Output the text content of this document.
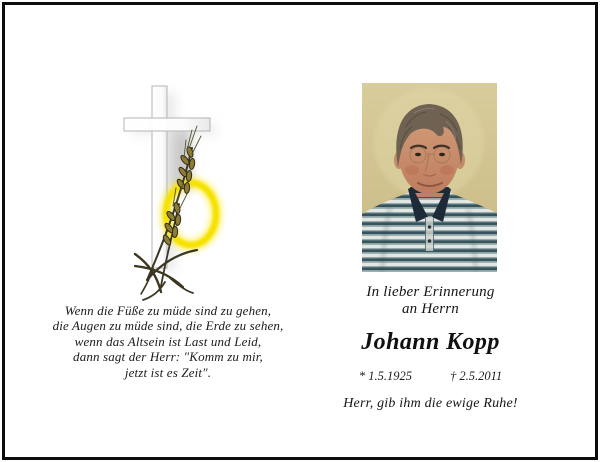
Wenn die Füße zu müde sind zu gehen,
die Augen zu müde sind, die Erde zu sehen,
wenn das Altsein ist Last und Leid,
dann sagt der Herr: "Komm zu mir,
jetzt ist es Zeit".
In lieber Erinnerung
an Herrn
Johann Kopp
* 1.5.1925	† 2.5.2011
Herr, gib ihm die ewige Ruhe!
